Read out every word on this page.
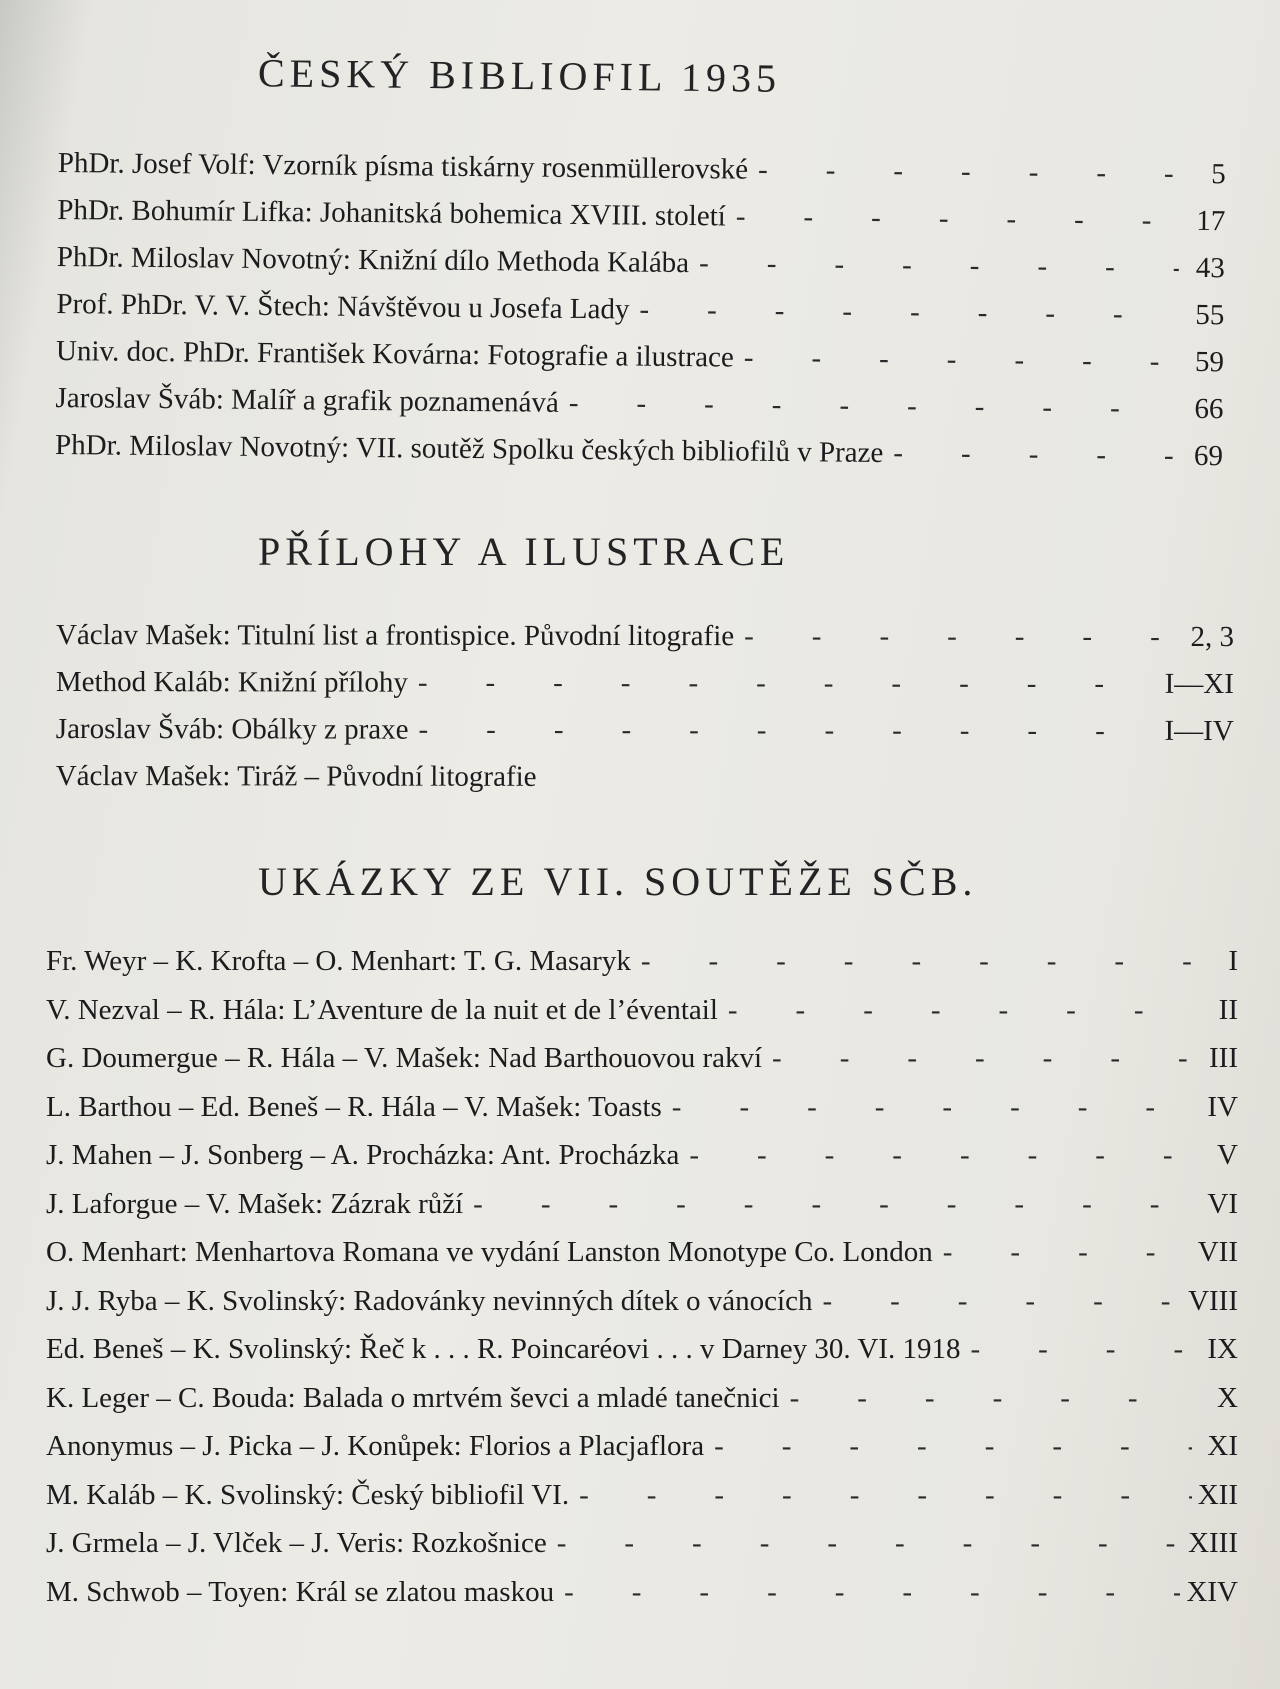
ČESKÝ BIBLIOFIL 1935
PhDr. Josef Volf: Vzorník písma tiskárny rosenmüllerovské -	5
PhDr. Bohumír Lifka: Johanitská bohemica XVIII. století -	17
PhDr. Miloslav Novotný: Knižní dílo Methoda Kalába -	43
Prof. PhDr. V. V. Štech: Návštěvou u Josefa Lady -	55
Univ. doc. PhDr. František Kovárna: Fotografie a ilustrace -	59
Jaroslav Šváb: Malíř a grafik poznamenává -	66
PhDr. Miloslav Novotný: VII. soutěž Spolku českých bibliofilů v Praze -	69
PŘÍLOHY A ILUSTRACE
Václav Mašek: Titulní list a frontispice. Původní litografie -	2, 3
Method Kaláb: Knižní přílohy -	I—XI
Jaroslav Šváb: Obálky z praxe -	I—IV
Václav Mašek: Tiráž – Původní litografie
UKÁZKY ZE VII. SOUTĚŽE SČB.
Fr. Weyr – K. Krofta – O. Menhart: T. G. Masaryk -	I
V. Nezval – R. Hála: L’Aventure de la nuit et de l’éventail -	II
G. Doumergue – R. Hála – V. Mašek: Nad Barthouovou rakví -	III
L. Barthou – Ed. Beneš – R. Hála – V. Mašek: Toasts -	IV
J. Mahen – J. Sonberg – A. Procházka: Ant. Procházka -	V
J. Laforgue – V. Mašek: Zázrak růží -	VI
O. Menhart: Menhartova Romana ve vydání Lanston Monotype Co. London -	VII
J. J. Ryba – K. Svolinský: Radovánky nevinných dítek o vánocích -	VIII
Ed. Beneš – K. Svolinský: Řeč k . . . R. Poincaréovi . . . v Darney 30. VI. 1918 -	IX
K. Leger – C. Bouda: Balada o mrtvém ševci a mladé tanečnici -	X
Anonymus – J. Picka – J. Konůpek: Florios a Placjaflora -	XI
M. Kaláb – K. Svolinský: Český bibliofil VI. -	XII
J. Grmela – J. Vlček – J. Veris: Rozkošnice -	XIII
M. Schwob – Toyen: Král se zlatou maskou -	XIV
